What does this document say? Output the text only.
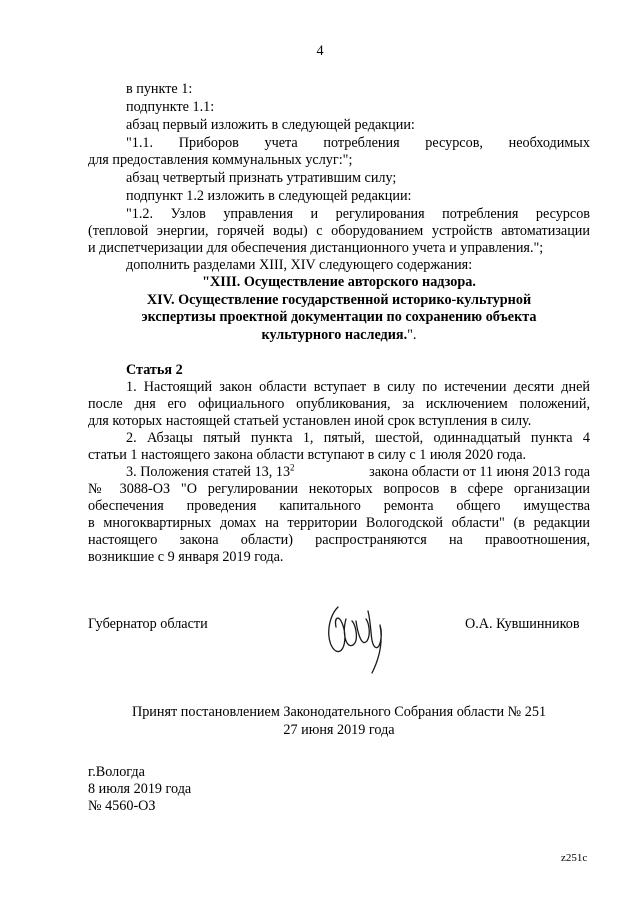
4
в пункте 1:
подпункте 1.1:
абзац первый изложить в следующей редакции:
"1.1. Приборов учета потребления ресурсов, необходимых
для предоставления коммунальных услуг:";
абзац четвертый признать утратившим силу;
подпункт 1.2 изложить в следующей редакции:
"1.2. Узлов управления и регулирования потребления ресурсов
(тепловой энергии, горячей воды) с оборудованием устройств автоматизации
и диспетчеризации для обеспечения дистанционного учета и управления.";
дополнить разделами XIII, XIV следующего содержания:
"XIII. Осуществление авторского надзора.
XIV. Осуществление государственной историко-культурной
экспертизы проектной документации по сохранению объекта
культурного наследия.".
Статья 2
1. Настоящий закон области вступает в силу по истечении десяти дней
после дня его официального опубликования, за исключением положений,
для которых настоящей статьей установлен иной срок вступления в силу.
2. Абзацы пятый пункта 1, пятый, шестой, одиннадцатый пункта 4
статьи 1 настоящего закона области вступают в силу с 1 июля 2020 года.
3. Положения статей 13, $13^2$	закона области от 11 июня 2013 года
№ 3088-ОЗ "О регулировании некоторых вопросов в сфере организации
обеспечения проведения капитального ремонта общего имущества
в многоквартирных домах на территории Вологодской области" (в редакции
настоящего закона области) распространяются на правоотношения,
возникшие с 9 января 2019 года.
Губернатор области	О.А. Кувшинников
Принят постановлением Законодательного Собрания области № 251
27 июня 2019 года
г.Вологда
8 июля 2019 года
№ 4560-ОЗ
z251c
